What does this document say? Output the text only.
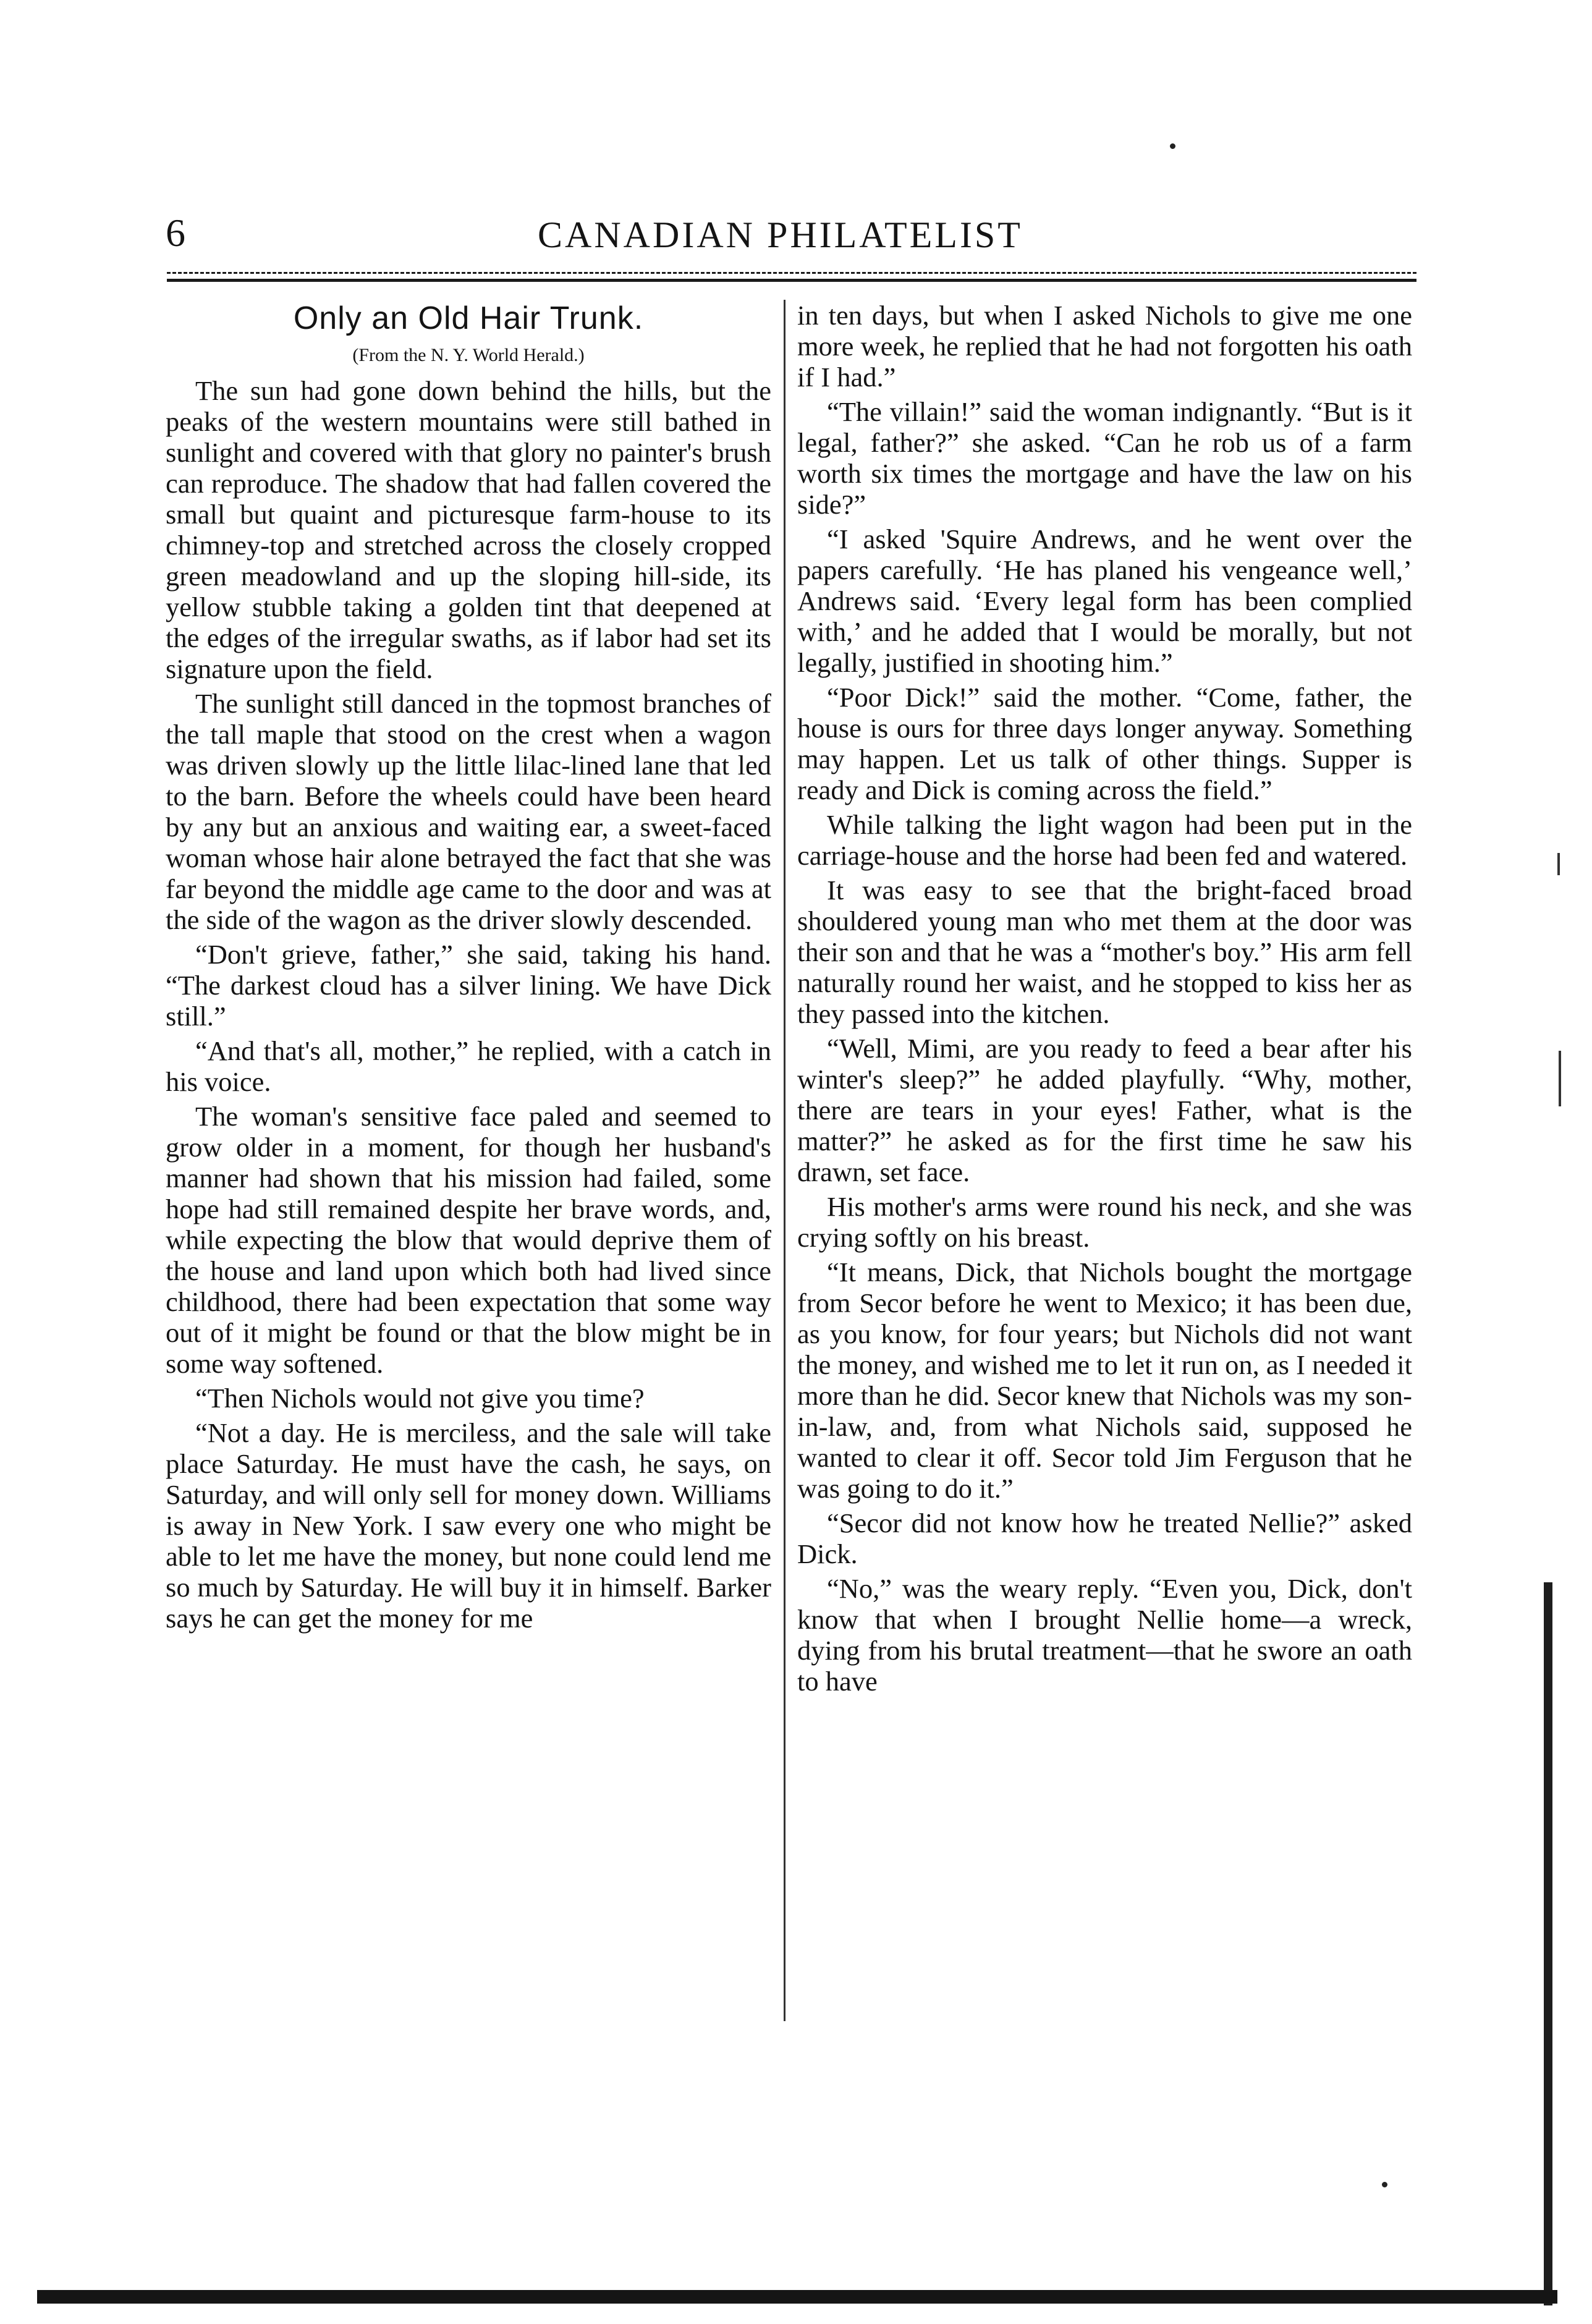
6	CANADIAN PHILATELIST
Only an Old Hair Trunk.
(From the N. Y. World Herald.)

The sun had gone down behind the hills, but the peaks of the western mountains were still bathed in sunlight and covered with that glory no painter's brush can reproduce. The shadow that had fallen covered the small but quaint and picturesque farm-house to its chimney-top and stretched across the closely cropped green meadowland and up the sloping hill-side, its yellow stubble taking a golden tint that deepened at the edges of the irregular swaths, as if labor had set its signature upon the field.

The sunlight still danced in the topmost branches of the tall maple that stood on the crest when a wagon was driven slowly up the little lilac-lined lane that led to the barn. Before the wheels could have been heard by any but an anxious and waiting ear, a sweet-faced woman whose hair alone betrayed the fact that she was far beyond the middle age came to the door and was at the side of the wagon as the driver slowly descended.

“Don't grieve, father,” she said, taking his hand. “The darkest cloud has a silver lining. We have Dick still.”

“And that's all, mother,” he replied, with a catch in his voice.

The woman's sensitive face paled and seemed to grow older in a moment, for though her husband's manner had shown that his mission had failed, some hope had still remained despite her brave words, and, while expecting the blow that would deprive them of the house and land upon which both had lived since childhood, there had been expectation that some way out of it might be found or that the blow might be in some way softened.

“Then Nichols would not give you time?

“Not a day. He is merciless, and the sale will take place Saturday. He must have the cash, he says, on Saturday, and will only sell for money down. Williams is away in New York. I saw every one who might be able to let me have the money, but none could lend me so much by Saturday. He will buy it in himself. Barker says he can get the money for me

in ten days, but when I asked Nichols to give me one more week, he replied that he had not forgotten his oath if I had.”

“The villain!” said the woman indignantly. “But is it legal, father?” she asked. “Can he rob us of a farm worth six times the mortgage and have the law on his side?”

“I asked 'Squire Andrews, and he went over the papers carefully. ‘He has planed his vengeance well,’ Andrews said. ‘Every legal form has been complied with,’ and he added that I would be morally, but not legally, justified in shooting him.”

“Poor Dick!” said the mother. “Come, father, the house is ours for three days longer anyway. Something may happen. Let us talk of other things. Supper is ready and Dick is coming across the field.”

While talking the light wagon had been put in the carriage-house and the horse had been fed and watered.

It was easy to see that the bright-faced broad shouldered young man who met them at the door was their son and that he was a “mother's boy.” His arm fell naturally round her waist, and he stopped to kiss her as they passed into the kitchen.

“Well, Mimi, are you ready to feed a bear after his winter's sleep?” he added playfully. “Why, mother, there are tears in your eyes! Father, what is the matter?” he asked as for the first time he saw his drawn, set face.

His mother's arms were round his neck, and she was crying softly on his breast.

“It means, Dick, that Nichols bought the mortgage from Secor before he went to Mexico; it has been due, as you know, for four years; but Nichols did not want the money, and wished me to let it run on, as I needed it more than he did. Secor knew that Nichols was my son-in-law, and, from what Nichols said, supposed he wanted to clear it off. Secor told Jim Ferguson that he was going to do it.”

“Secor did not know how he treated Nellie?” asked Dick.

“No,” was the weary reply. “Even you, Dick, don't know that when I brought Nellie home—a wreck, dying from his brutal treatment—that he swore an oath to have
